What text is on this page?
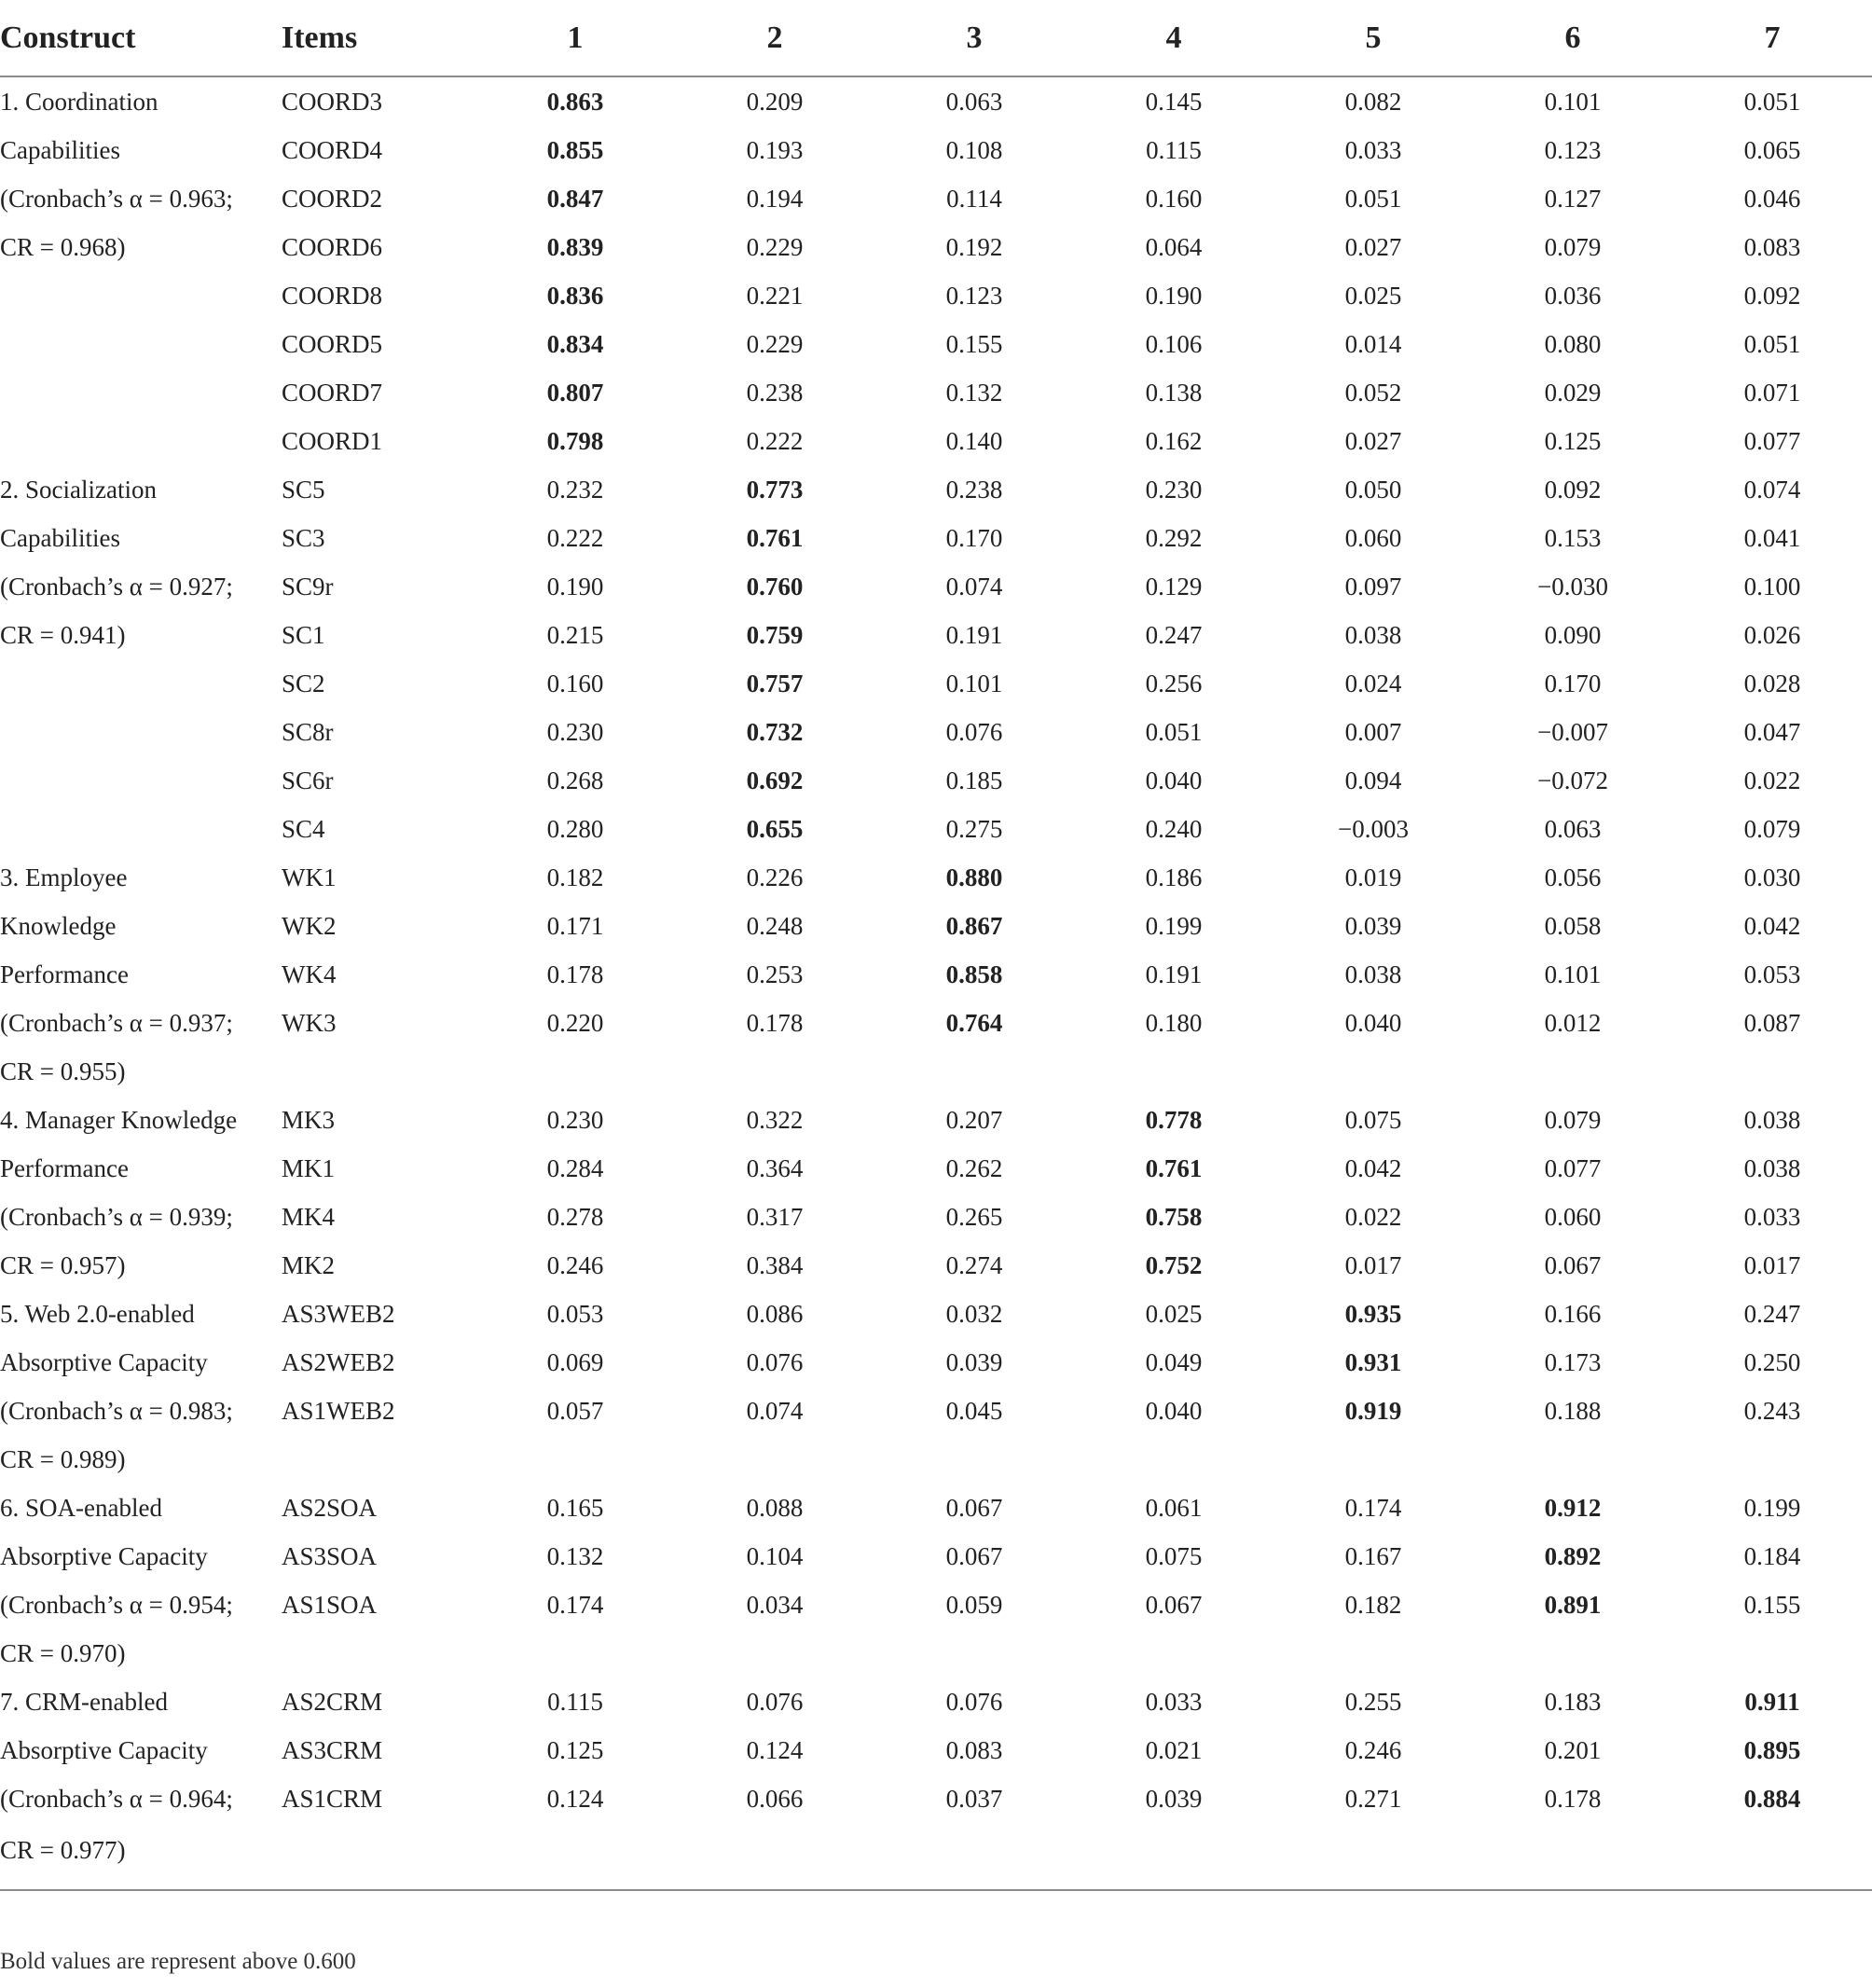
Construct	Items	1	2	3	4	5	6	7
1. Coordination	COORD3	0.863	0.209	0.063	0.145	0.082	0.101	0.051
Capabilities	COORD4	0.855	0.193	0.108	0.115	0.033	0.123	0.065
(Cronbach’s α = 0.963;	COORD2	0.847	0.194	0.114	0.160	0.051	0.127	0.046
CR = 0.968)	COORD6	0.839	0.229	0.192	0.064	0.027	0.079	0.083
	COORD8	0.836	0.221	0.123	0.190	0.025	0.036	0.092
	COORD5	0.834	0.229	0.155	0.106	0.014	0.080	0.051
	COORD7	0.807	0.238	0.132	0.138	0.052	0.029	0.071
	COORD1	0.798	0.222	0.140	0.162	0.027	0.125	0.077
2. Socialization	SC5	0.232	0.773	0.238	0.230	0.050	0.092	0.074
Capabilities	SC3	0.222	0.761	0.170	0.292	0.060	0.153	0.041
(Cronbach’s α = 0.927;	SC9r	0.190	0.760	0.074	0.129	0.097	−0.030	0.100
CR = 0.941)	SC1	0.215	0.759	0.191	0.247	0.038	0.090	0.026
	SC2	0.160	0.757	0.101	0.256	0.024	0.170	0.028
	SC8r	0.230	0.732	0.076	0.051	0.007	−0.007	0.047
	SC6r	0.268	0.692	0.185	0.040	0.094	−0.072	0.022
	SC4	0.280	0.655	0.275	0.240	−0.003	0.063	0.079
3. Employee	WK1	0.182	0.226	0.880	0.186	0.019	0.056	0.030
Knowledge	WK2	0.171	0.248	0.867	0.199	0.039	0.058	0.042
Performance	WK4	0.178	0.253	0.858	0.191	0.038	0.101	0.053
(Cronbach’s α = 0.937;	WK3	0.220	0.178	0.764	0.180	0.040	0.012	0.087
CR = 0.955)								
4. Manager Knowledge	MK3	0.230	0.322	0.207	0.778	0.075	0.079	0.038
Performance	MK1	0.284	0.364	0.262	0.761	0.042	0.077	0.038
(Cronbach’s α = 0.939;	MK4	0.278	0.317	0.265	0.758	0.022	0.060	0.033
CR = 0.957)	MK2	0.246	0.384	0.274	0.752	0.017	0.067	0.017
5. Web 2.0-enabled	AS3WEB2	0.053	0.086	0.032	0.025	0.935	0.166	0.247
Absorptive Capacity	AS2WEB2	0.069	0.076	0.039	0.049	0.931	0.173	0.250
(Cronbach’s α = 0.983;	AS1WEB2	0.057	0.074	0.045	0.040	0.919	0.188	0.243
CR = 0.989)								
6. SOA-enabled	AS2SOA	0.165	0.088	0.067	0.061	0.174	0.912	0.199
Absorptive Capacity	AS3SOA	0.132	0.104	0.067	0.075	0.167	0.892	0.184
(Cronbach’s α = 0.954;	AS1SOA	0.174	0.034	0.059	0.067	0.182	0.891	0.155
CR = 0.970)								
7. CRM-enabled	AS2CRM	0.115	0.076	0.076	0.033	0.255	0.183	0.911
Absorptive Capacity	AS3CRM	0.125	0.124	0.083	0.021	0.246	0.201	0.895
(Cronbach’s α = 0.964;	AS1CRM	0.124	0.066	0.037	0.039	0.271	0.178	0.884
CR = 0.977)								
Bold values are represent above 0.600
